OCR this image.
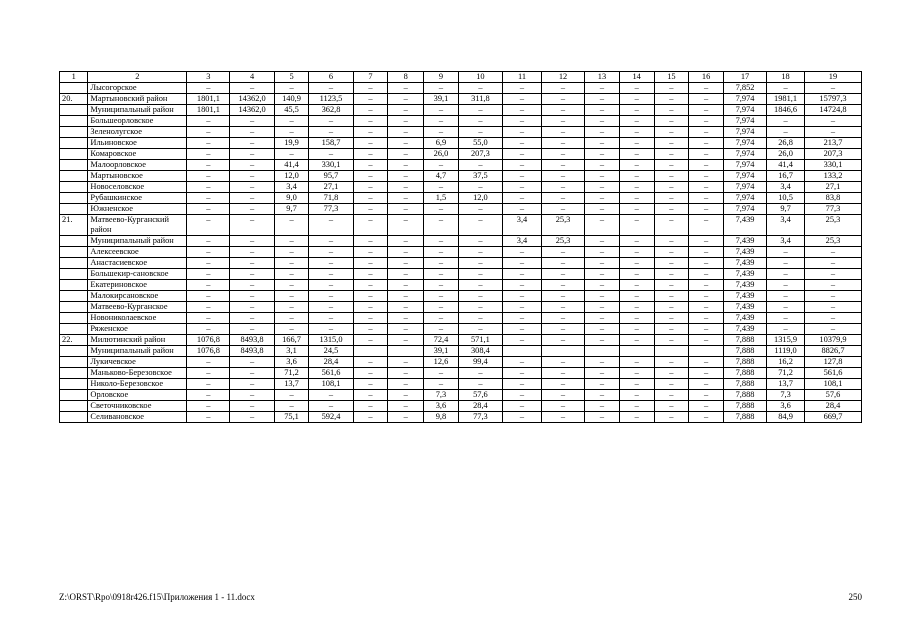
1	2	3	4	5	6	7	8	9	10	11	12	13	14	15	16	17	18	19
	Лысогорское	–	–	–	–	–	–	–	–	–	–	–	–	–	–	7,852	–	–
20.	Мартыновский район	1801,1	14362,0	140,9	1123,5	–	–	39,1	311,8	–	–	–	–	–	–	7,974	1981,1	15797,3
	Муниципальный район	1801,1	14362,0	45,5	362,8	–	–	–	–	–	–	–	–	–	–	7,974	1846,6	14724,8
	Большеорловское	–	–	–	–	–	–	–	–	–	–	–	–	–	–	7,974	–	–
	Зеленолугское	–	–	–	–	–	–	–	–	–	–	–	–	–	–	7,974	–	–
	Ильиновское	–	–	19,9	158,7	–	–	6,9	55,0	–	–	–	–	–	–	7,974	26,8	213,7
	Комаровское	–	–	–	–	–	–	26,0	207,3	–	–	–	–	–	–	7,974	26,0	207,3
	Малоорловское	–	–	41,4	330,1	–	–	–	–	–	–	–	–	–	–	7,974	41,4	330,1
	Мартыновское	–	–	12,0	95,7	–	–	4,7	37,5	–	–	–	–	–	–	7,974	16,7	133,2
	Новоселовское	–	–	3,4	27,1	–	–	–	–	–	–	–	–	–	–	7,974	3,4	27,1
	Рубашкинское	–	–	9,0	71,8	–	–	1,5	12,0	–	–	–	–	–	–	7,974	10,5	83,8
	Южненское	–	–	9,7	77,3	–	–	–	–	–	–	–	–	–	–	7,974	9,7	77,3
21.	Матвеево-Курганский район	–	–	–	–	–	–	–	–	3,4	25,3	–	–	–	–	7,439	3,4	25,3
	Муниципальный район	–	–	–	–	–	–	–	–	3,4	25,3	–	–	–	–	7,439	3,4	25,3
	Алексеевское	–	–	–	–	–	–	–	–	–	–	–	–	–	–	7,439	–	–
	Анастасиевское	–	–	–	–	–	–	–	–	–	–	–	–	–	–	7,439	–	–
	Большекир-сановское	–	–	–	–	–	–	–	–	–	–	–	–	–	–	7,439	–	–
	Екатериновское	–	–	–	–	–	–	–	–	–	–	–	–	–	–	7,439	–	–
	Малокирсановское	–	–	–	–	–	–	–	–	–	–	–	–	–	–	7,439	–	–
	Матвеево-Курганское	–	–	–	–	–	–	–	–	–	–	–	–	–	–	7,439	–	–
	Новониколаевское	–	–	–	–	–	–	–	–	–	–	–	–	–	–	7,439	–	–
	Ряженское	–	–	–	–	–	–	–	–	–	–	–	–	–	–	7,439	–	–
22.	Милютинский район	1076,8	8493,8	166,7	1315,0	–	–	72,4	571,1	–	–	–	–	–	–	7,888	1315,9	10379,9
	Муниципальный район	1076,8	8493,8	3,1	24,5			39,1	308,4							7,888	1119,0	8826,7
	Лукичевское	–	–	3,6	28,4	–	–	12,6	99,4	–	–	–	–	–	–	7,888	16,2	127,8
	Маньково-Березовское	–	–	71,2	561,6	–	–	–	–	–	–	–	–	–	–	7,888	71,2	561,6
	Николо-Березовское	–	–	13,7	108,1	–	–	–	–	–	–	–	–	–	–	7,888	13,7	108,1
	Орловское	–	–	–	–	–	–	7,3	57,6	–	–	–	–	–	–	7,888	7,3	57,6
	Светочниковское	–	–	–	–	–	–	3,6	28,4	–	–	–	–	–	–	7,888	3,6	28,4
	Селивановское	–	–	75,1	592,4	–	–	9,8	77,3	–	–	–	–	–	–	7,888	84,9	669,7
Z:\ORST\Rpo\0918r426.f15\Приложения 1 - 11.docx	250
